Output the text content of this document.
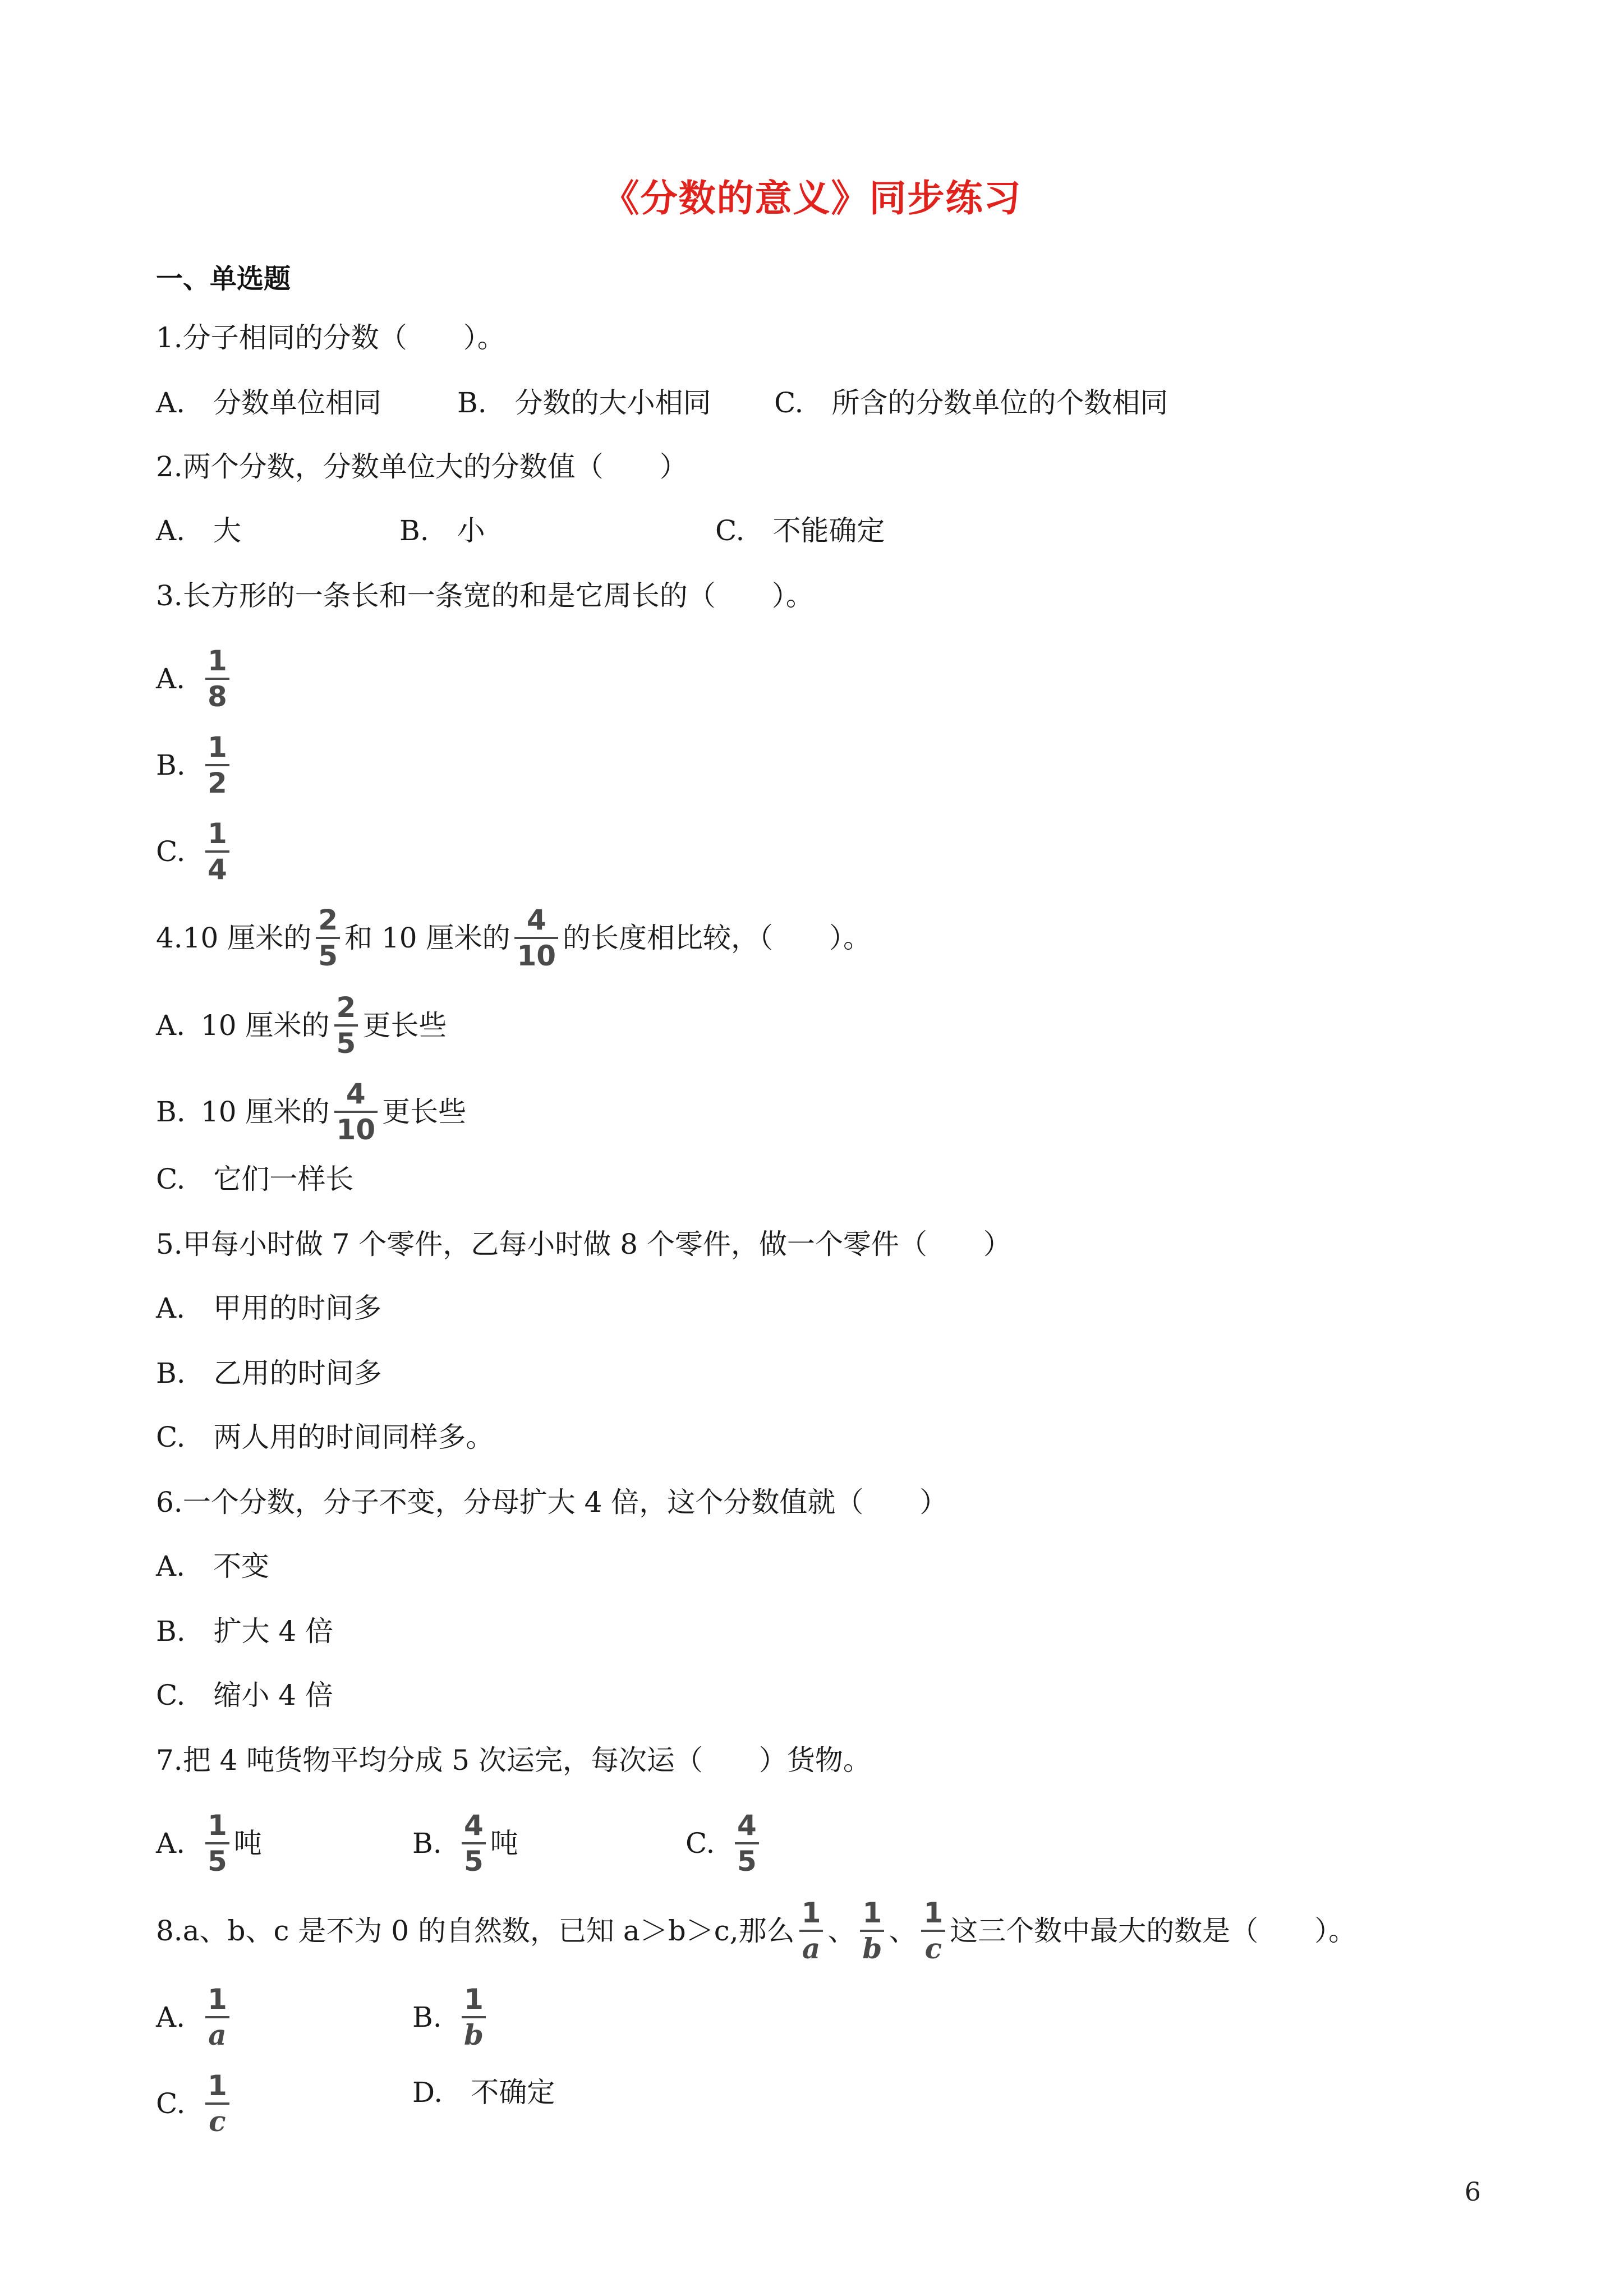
《分数的意义》同步练习
一、单选题
1.分子相同的分数（　　）。
A.　分数单位相同	B.　分数的大小相同 C.　所含的分数单位的个数相同
2.两个分数，分数单位大的分数值（　　）
A.　大	B.　小	C.　不能确定
3.长方形的一条长和一条宽的和是它周长的（　　）。
A. $\frac{1}{8}$
B. $\frac{1}{2}$
C. $\frac{1}{4}$
4.10 厘米的 $\frac{2}{5}$ 和 10 厘米的 $\frac{4}{10}$ 的长度相比较，（　　）。
A. 10 厘米的 $\frac{2}{5}$ 更长些
B. 10 厘米的 $\frac{4}{10}$ 更长些
C.　它们一样长
5.甲每小时做 7 个零件，乙每小时做 8 个零件，做一个零件（　　）
A.　甲用的时间多
B.　乙用的时间多
C.　两人用的时间同样多。
6.一个分数，分子不变，分母扩大 4 倍，这个分数值就（　　）
A.　不变
B.　扩大 4 倍
C.　缩小 4 倍
7.把 4 吨货物平均分成 5 次运完，每次运（　　）货物。
A. $\frac{1}{5}$ 吨	B. $\frac{4}{5}$ 吨	C. $\frac{4}{5}$
8.a、b、c 是不为 0 的自然数，已知 a＞b＞c,那么 $\frac{1}{a}$ 、 $\frac{1}{b}$ 、 $\frac{1}{c}$ 这三个数中最大的数是（　　）。
A. $\frac{1}{a}$	B. $\frac{1}{b}$
C. $\frac{1}{c}$	D.　不确定
6
